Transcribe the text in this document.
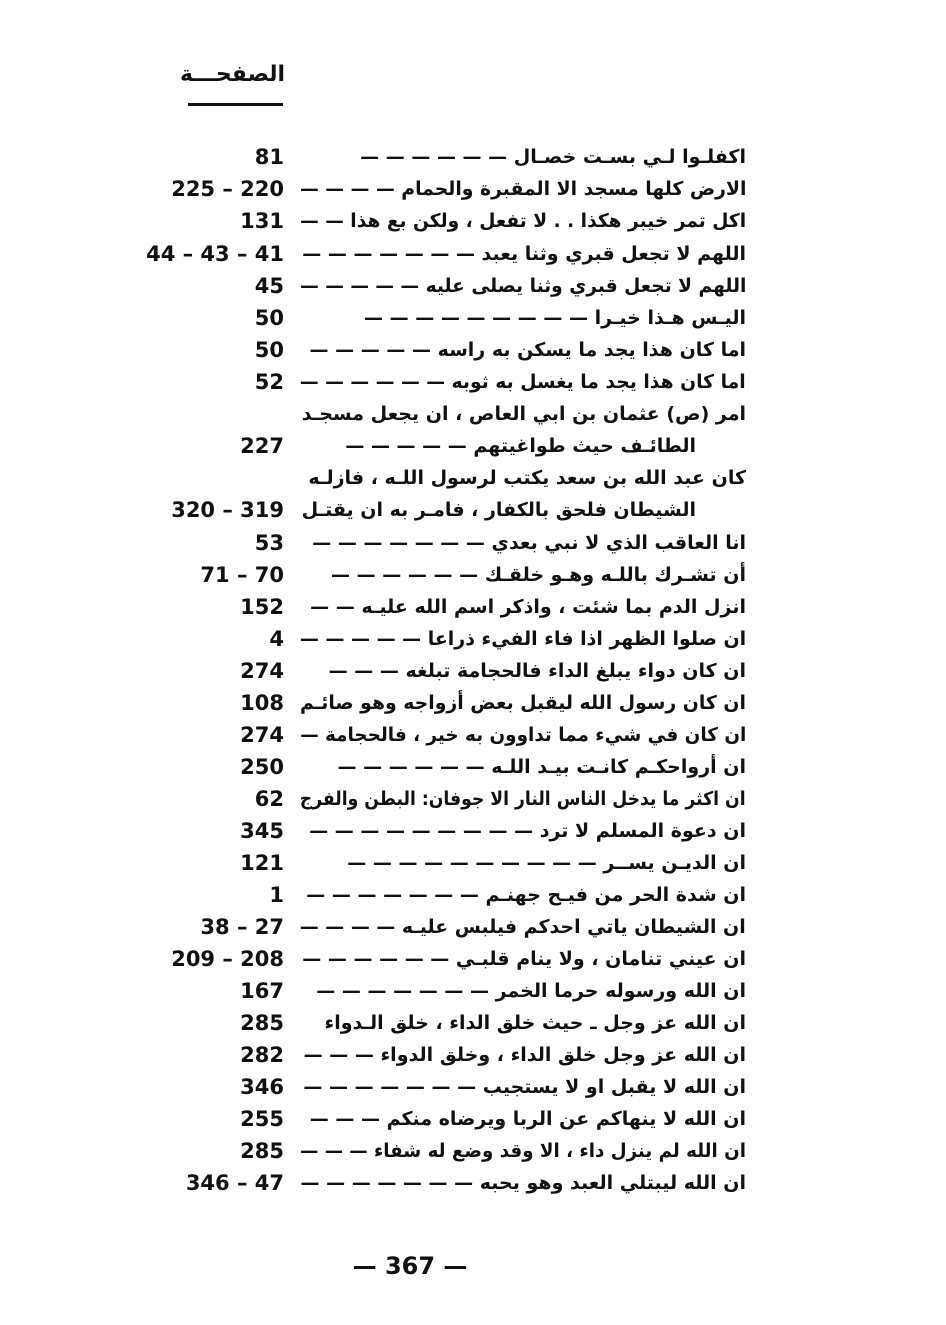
الصفحـــة
اكفلـوا لـي بسـت خصـال — — — — — —
81
الارض كلها مسجد الا المقبرة والحمام — — — —
225 – 220
اكل تمر خيبر هكذا . . لا تفعل ، ولكن بع هذا — —
131
اللهم لا تجعل قبري وثنا يعبد — — — — — — —
44 – 43 – 41
اللهم لا تجعل قبري وثنا يصلى عليه — — — — —
45
اليـس هـذا خيـرا — — — — — — — — —
50
اما كان هذا يجد ما يسكن به راسه — — — — —
50
اما كان هذا يجد ما يغسل به ثوبه — — — — — —
52
امر (ص) عثمان بن ابي العاص ، ان يجعل مسجـد
الطائـف حيث طواغيتهم — — — — —
227
كان عبد الله بن سعد يكتب لرسول اللـه ، فازلـه
الشيطان فلحق بالكفار ، فامـر به ان يقتـل
320 – 319
انا العاقب الذي لا نبي بعدي — — — — — — —
53
أن تشـرك باللـه وهـو خلقـك — — — — — —
71 – 70
انزل الدم بما شئت ، واذكر اسم الله عليـه — —
152
ان صلوا الظهر اذا فاء الفيء ذراعا — — — — —
4
ان كان دواء يبلغ الداء فالحجامة تبلغه — — —
274
ان كان رسول الله ليقبل بعض أزواجه وهو صائـم
108
ان كان في شيء مما تداوون به خير ، فالحجامة —
274
ان أرواحكـم كانـت بيـد اللـه — — — — — —
250
ان اكثر ما يدخل الناس النار الا جوفان: البطن والفرج
62
ان دعوة المسلم لا ترد — — — — — — — — —
345
ان الديـن يســر — — — — — — — — — —
121
ان شدة الحر من فيـح جهنـم — — — — — — —
1
ان الشيطان ياتي احدكم فيلبس عليـه — — — —
38 – 27
ان عيني تنامان ، ولا ينام قلبـي — — — — — —
209 – 208
ان الله ورسوله حرما الخمر — — — — — — —
167
ان الله عز وجل ـ حيث خلق الداء ، خلق الـدواء
285
ان الله عز وجل خلق الداء ، وخلق الدواء — — —
282
ان الله لا يقبل او لا يستجيب — — — — — — —
346
ان الله لا ينهاكم عن الربا ويرضاه منكم — — —
255
ان الله لم ينزل داء ، الا وقد وضع له شفاء — — —
285
ان الله ليبتلي العبد وهو يحبه — — — — — — —
346 – 47
— 367 —
